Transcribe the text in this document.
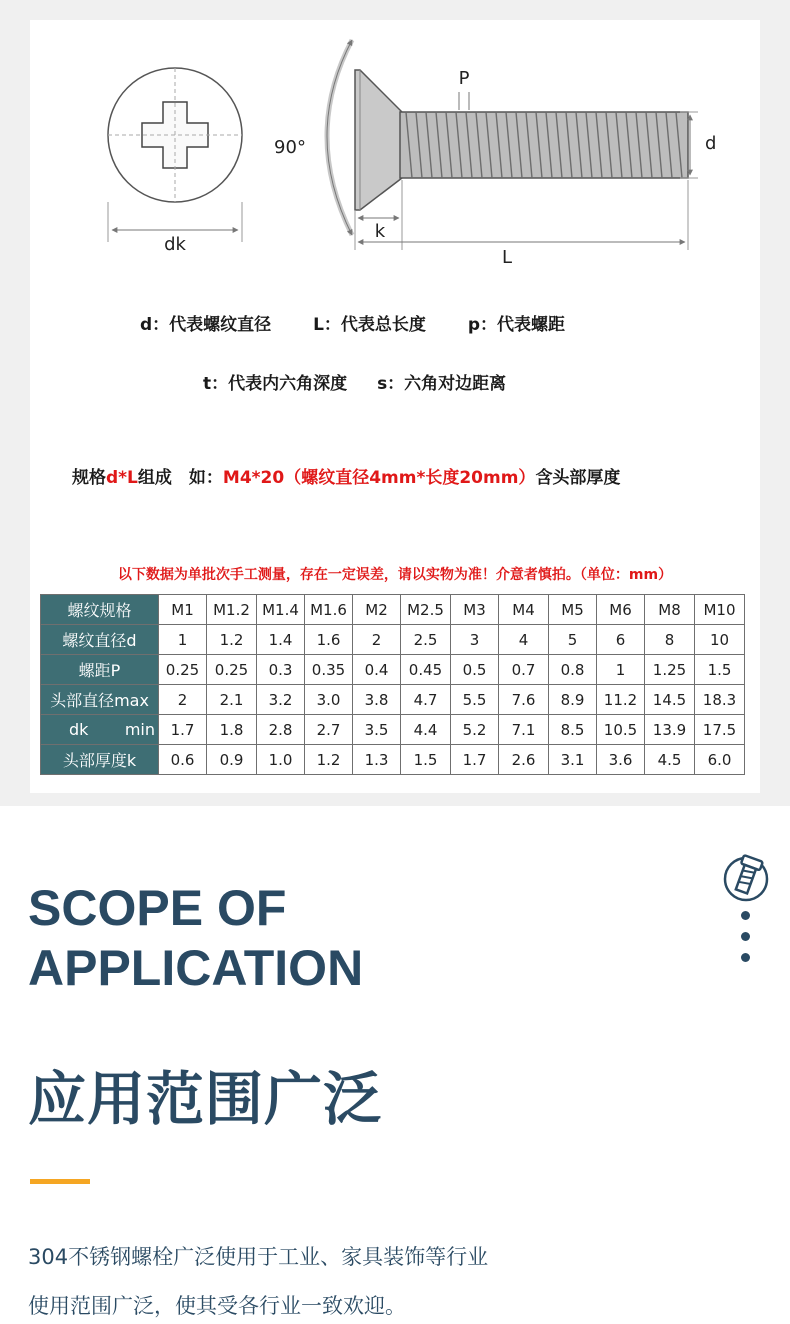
dk
90°
P
d
k
L
d：代表螺纹直径 L：代表总长度 p：代表螺距
t：代表内六角深度 s：六角对边距离
规格d*L组成　如：M4*20（螺纹直径4mm*长度20mm）含头部厚度
以下数据为单批次手工测量，存在一定误差，请以实物为准！介意者慎拍。（单位：mm）
螺纹规格	M1	M1.2	M1.4	M1.6	M2	M2.5	M3	M4	M5	M6	M8	M10
螺纹直径d	1	1.2	1.4	1.6	2	2.5	3	4	5	6	8	10
螺距P	0.25	0.25	0.3	0.35	0.4	0.45	0.5	0.7	0.8	1	1.25	1.5
头部直径max	2	2.1	3.2	3.0	3.8	4.7	5.5	7.6	8.9	11.2	14.5	18.3

dk min	1.7	1.8	2.8	2.7	3.5	4.4	5.2	7.1	8.5	10.5	13.9	17.5
头部厚度k	0.6	0.9	1.0	1.2	1.3	1.5	1.7	2.6	3.1	3.6	4.5	6.0
SCOPE OF
APPLICATION
应用范围广泛
304不锈钢螺栓广泛使用于工业、家具装饰等行业
使用范围广泛，使其受各行业一致欢迎。
